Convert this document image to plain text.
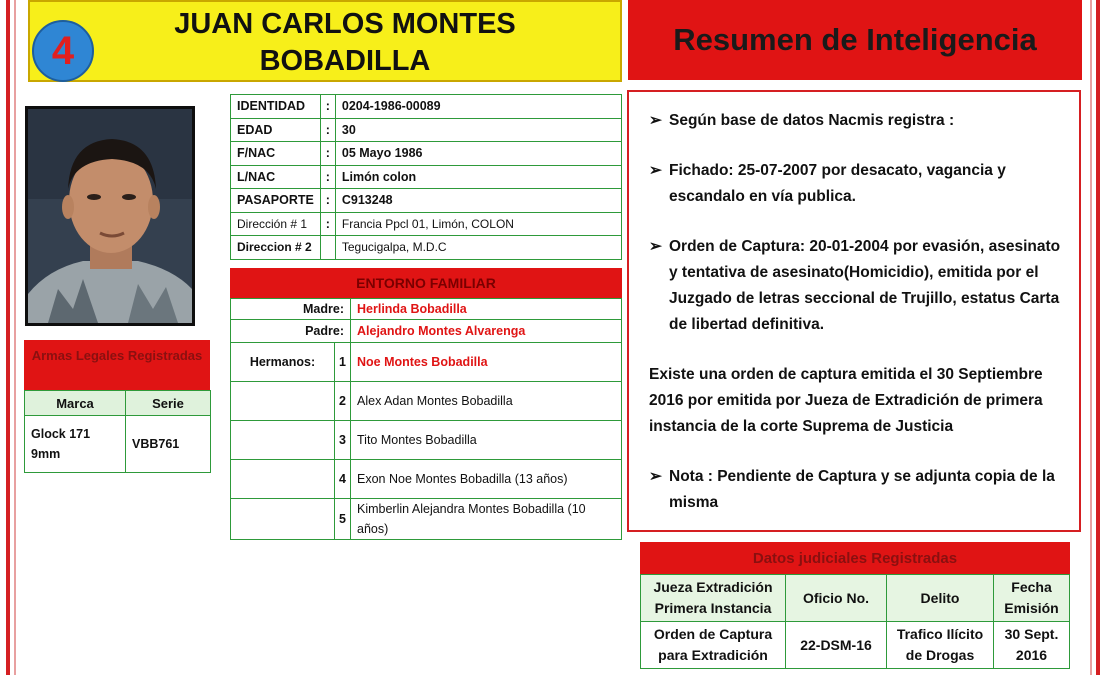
JUAN CARLOS MONTES
BOBADILLA
4	Resumen de Inteligencia
IDENTIDAD	:	0204-1986-00089
EDAD	:	30
F/NAC	:	05 Mayo 1986
L/NAC	:	Limón colon
PASAPORTE	:	C913248
Dirección # 1	:	Francia Ppcl 01, Limón, COLON
Direccion # 2		Tegucigalpa, M.D.C
ENTORNO FAMILIAR
Madre:		Herlinda Bobadilla
Padre:		Alejandro Montes Alvarenga
Hermanos:	1	Noe Montes Bobadilla
	2	Alex Adan Montes Bobadilla
	3	Tito Montes Bobadilla
	4	Exon Noe Montes Bobadilla (13 años)
	5	Kimberlin Alejandra Montes Bobadilla (10 años)
Armas Legales Registradas
Marca	Serie
Glock 171 9mm	VBB761
➢ Según base de datos Nacmis registra :

➢ Fichado: 25-07-2007 por desacato, vagancia y escandalo en vía publica.

➢ Orden de Captura: 20-01-2004 por evasión, asesinato y tentativa de asesinato(Homicidio), emitida por el Juzgado de letras seccional de Trujillo, estatus Carta de libertad definitiva.

Existe una orden de captura emitida el 30 Septiembre 2016 por emitida por Jueza de Extradición de primera instancia de la corte Suprema de Justicia

➢ Nota : Pendiente de Captura y se adjunta copia de la misma

Datos judiciales Registradas
Jueza Extradición Primera Instancia	Oficio No.	Delito	Fecha Emisión
Orden de Captura para Extradición	22-DSM-16	Trafico Ilícito de Drogas	30 Sept. 2016
